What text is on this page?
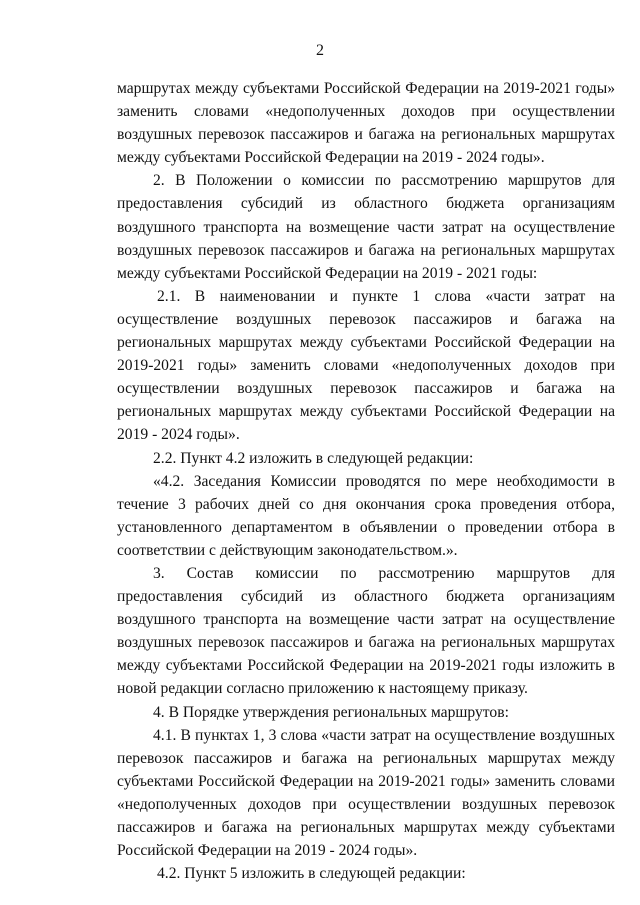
2

маршрутах между субъектами Российской Федерации на 2019-2021 годы» заменить словами «недополученных доходов при осуществлении воздушных перевозок пассажиров и багажа на региональных маршрутах между субъектами Российской Федерации на 2019 - 2024 годы».

2. В Положении о комиссии по рассмотрению маршрутов для предоставления субсидий из областного бюджета организациям воздушного транспорта на возмещение части затрат на осуществление воздушных перевозок пассажиров и багажа на региональных маршрутах между субъектами Российской Федерации на 2019 - 2021 годы:

2.1. В наименовании и пункте 1 слова «части затрат на осуществление воздушных перевозок пассажиров и багажа на региональных маршрутах между субъектами Российской Федерации на 2019-2021 годы» заменить словами «недополученных доходов при осуществлении воздушных перевозок пассажиров и багажа на региональных маршрутах между субъектами Российской Федерации на 2019 - 2024 годы».

2.2. Пункт 4.2 изложить в следующей редакции:

«4.2. Заседания Комиссии проводятся по мере необходимости в течение 3 рабочих дней со дня окончания срока проведения отбора, установленного департаментом в объявлении о проведении отбора в соответствии с действующим законодательством.».

3. Состав комиссии по рассмотрению маршрутов для предоставления субсидий из областного бюджета организациям воздушного транспорта на возмещение части затрат на осуществление воздушных перевозок пассажиров и багажа на региональных маршрутах между субъектами Российской Федерации на 2019-2021 годы изложить в новой редакции согласно приложению к настоящему приказу.

4. В Порядке утверждения региональных маршрутов:

4.1. В пунктах 1, 3 слова «части затрат на осуществление воздушных перевозок пассажиров и багажа на региональных маршрутах между субъектами Российской Федерации на 2019-2021 годы» заменить словами «недополученных доходов при осуществлении воздушных перевозок пассажиров и багажа на региональных маршрутах между субъектами Российской Федерации на 2019 - 2024 годы».

4.2. Пункт 5 изложить в следующей редакции:
